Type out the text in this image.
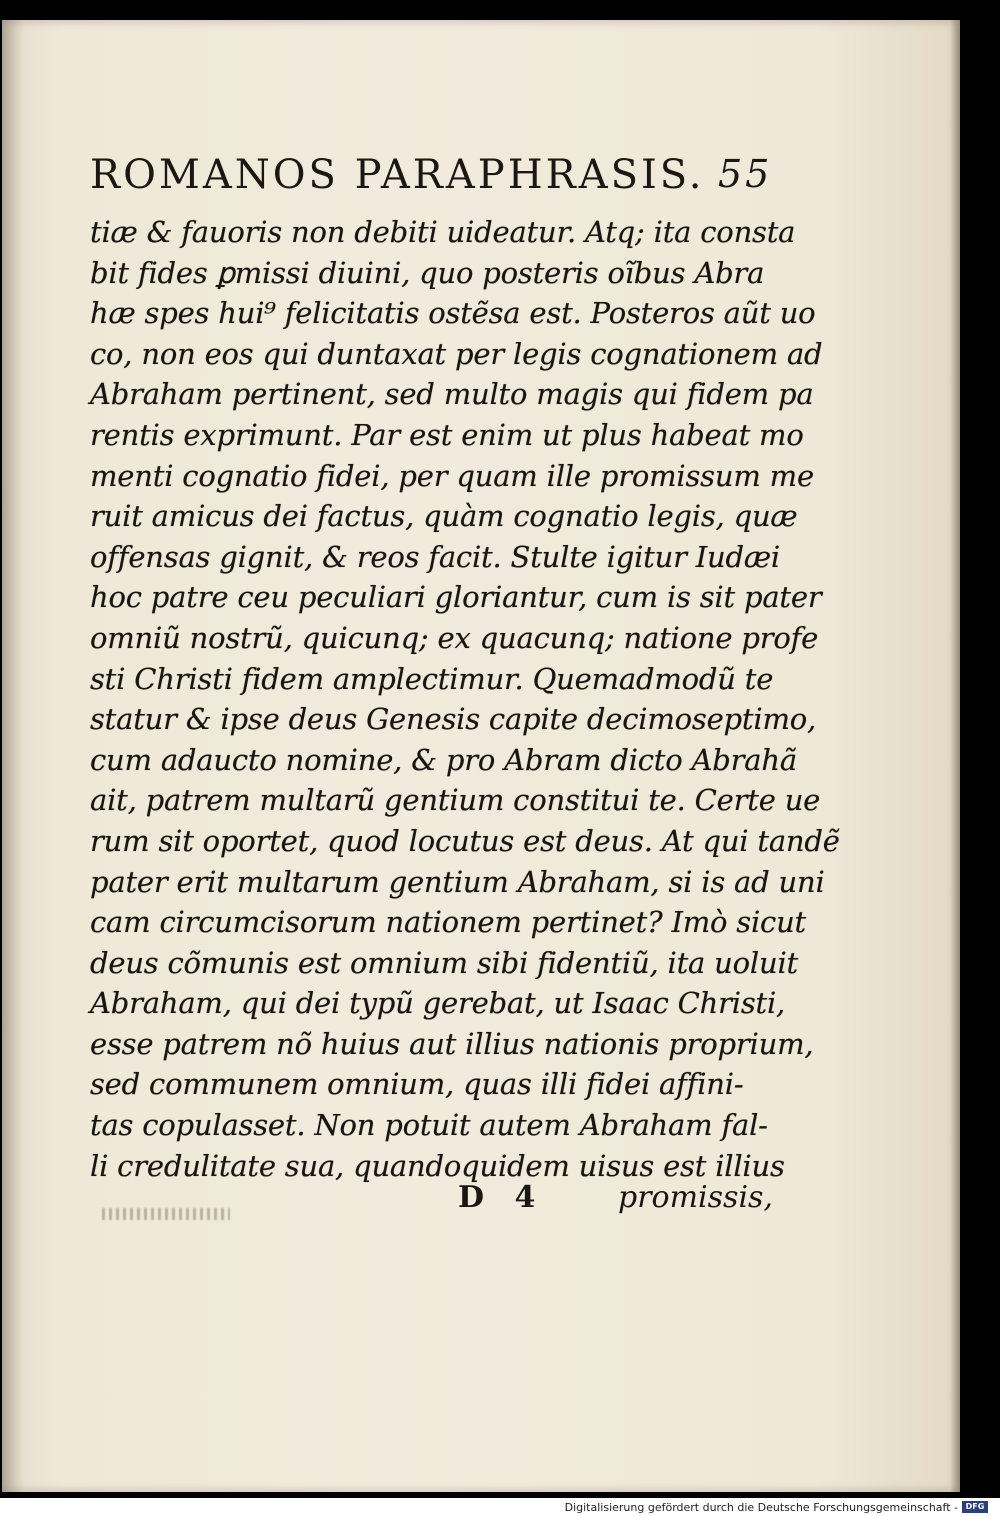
ROMANOS PARAPHRASIS. 55
tiæ & fauoris non debiti uideatur. Atq; ita consta
bit fides ꝑmissi diuini, quo posteris oĩbus Abra
hæ spes hui⁹ felicitatis ostẽsa est. Posteros aũt uo
co, non eos qui duntaxat per legis cognationem ad
Abraham pertinent, sed multo magis qui fidem pa
rentis exprimunt. Par est enim ut plus habeat mo
menti cognatio fidei, per quam ille promissum me
ruit amicus dei factus, quàm cognatio legis, quæ
offensas gignit, & reos facit. Stulte igitur Iudæi
hoc patre ceu peculiari gloriantur, cum is sit pater
omniũ nostrũ, quicunq; ex quacunq; natione profe
sti Christi fidem amplectimur. Quemadmodũ te
statur & ipse deus Genesis capite decimoseptimo,
cum adaucto nomine, & pro Abram dicto Abrahã
ait, patrem multarũ gentium constitui te. Certe ue
rum sit oportet, quod locutus est deus. At qui tandẽ
pater erit multarum gentium Abraham, si is ad uni
cam circumcisorum nationem pertinet? Imò sicut
deus cõmunis est omnium sibi fidentiũ, ita uoluit
Abraham, qui dei typũ gerebat, ut Isaac Christi,
esse patrem nõ huius aut illius nationis proprium,
sed communem omnium, quas illi fidei affini-
tas copulasset. Non potuit autem Abraham fal-
li credulitate sua, quandoquidem uisus est illius
D 4 promissis,
Digitalisierung gefördert durch die Deutsche Forschungsgemeinschaft - DFG
